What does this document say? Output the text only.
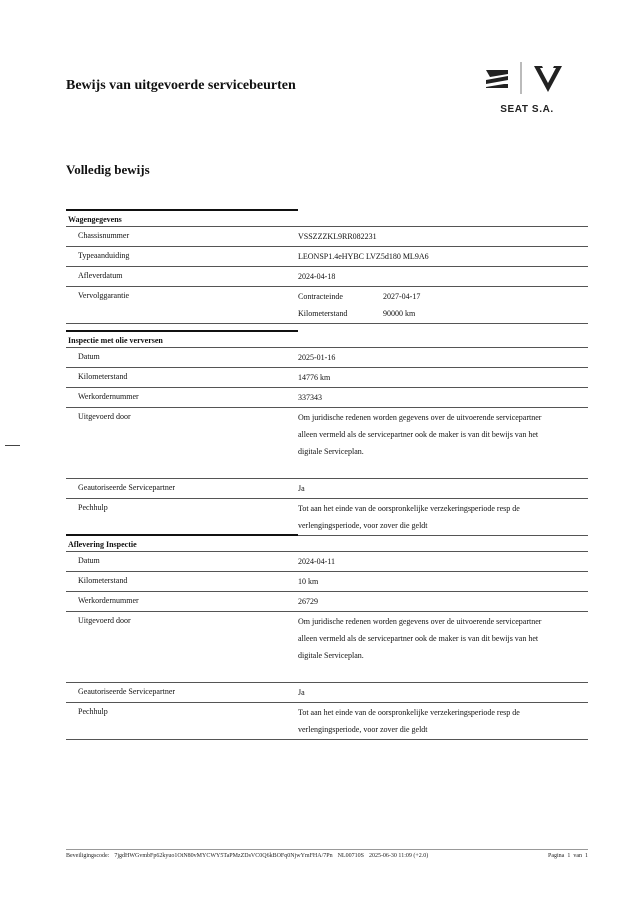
Bewijs van uitgevoerde servicebeurten
SEAT S.A.
Volledig bewijs
Wagengegevens
Chassisnummer	VSSZZZKL9RR082231
Typeaanduiding	LEONSP1.4eHYBC LVZ5d180 ML9A6
Afleverdatum	2024-04-18
Vervolggarantie	Contracteinde	2027-04-17
Kilometerstand	90000 km
Inspectie met olie verversen
Datum	2025-01-16
Kilometerstand	14776 km
Werkordernummer	337343
Uitgevoerd door	Om juridische redenen worden gegevens over de uitvoerende servicepartner
alleen vermeld als de servicepartner ook de maker is van dit bewijs van het
digitale Serviceplan.
Geautoriseerde Servicepartner	Ja
Pechhulp	Tot aan het einde van de oorspronkelijke verzekeringsperiode resp de
verlengingsperiode, voor zover die geldt
Aflevering Inspectie
Datum	2024-04-11
Kilometerstand	10 km
Werkordernummer	26729
Uitgevoerd door	Om juridische redenen worden gegevens over de uitvoerende servicepartner
alleen vermeld als de servicepartner ook de maker is van dit bewijs van het
digitale Serviceplan.
Geautoriseerde Servicepartner	Ja
Pechhulp	Tot aan het einde van de oorspronkelijke verzekeringsperiode resp de
verlengingsperiode, voor zover die geldt
Beveiligingscode: 7jgdHWGvmbFp62kyuo1OtN80vMYCWY5TaPMzZDsVC0Q6kBOFq0NjwYmFHA/7Pn NL00710S 2025-06-30 11:09 (+2.0)	Pagina 1 van 1
